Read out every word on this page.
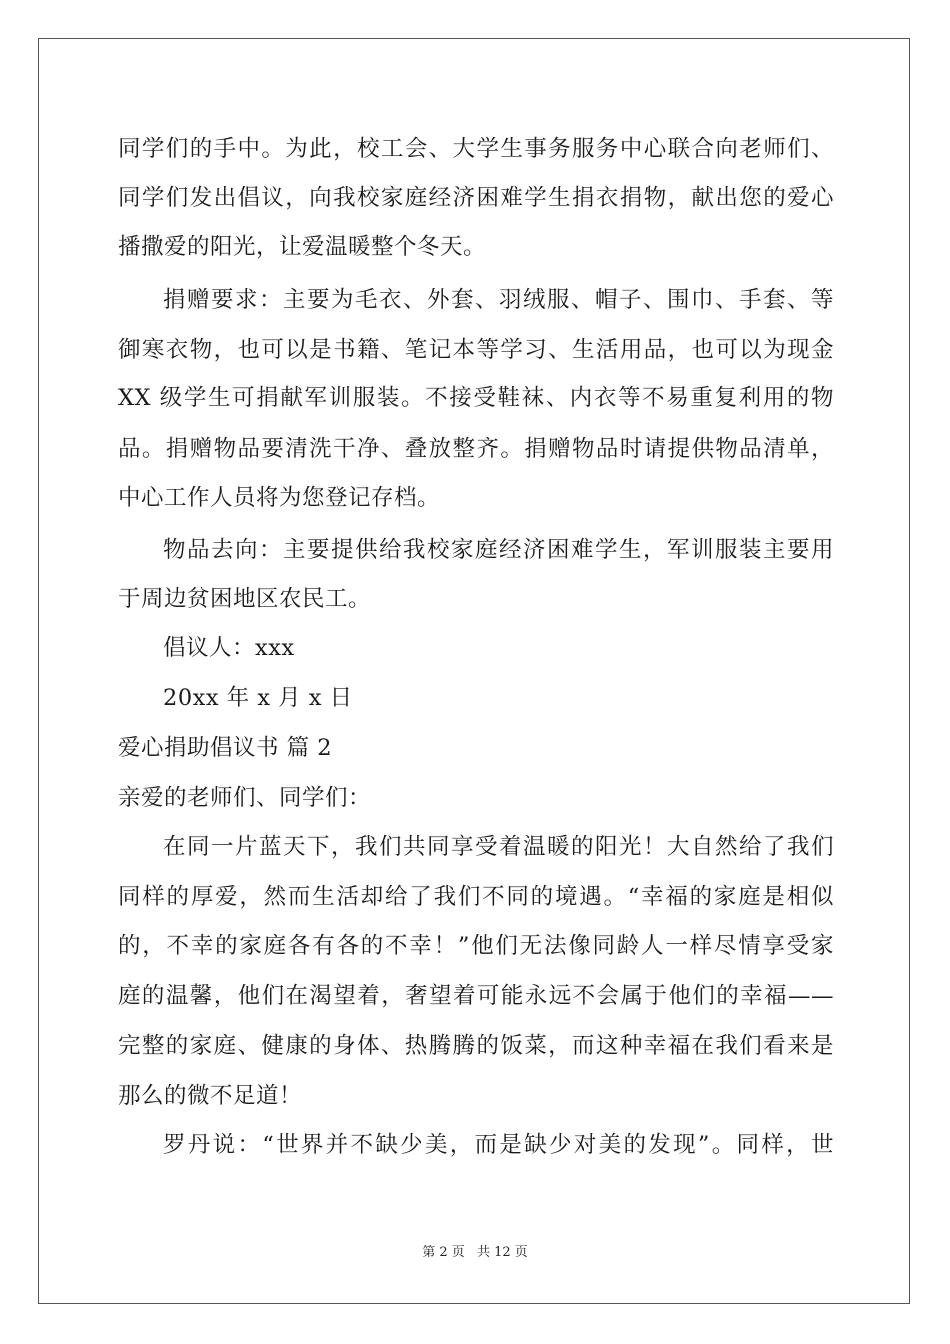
同学们的手中。为此，校工会、大学生事务服务中心联合向老师们、
同学们发出倡议，向我校家庭经济困难学生捐衣捐物，献出您的爱心
播撒爱的阳光，让爱温暖整个冬天。
捐赠要求：主要为毛衣、外套、羽绒服、帽子、围巾、手套、等
御寒衣物，也可以是书籍、笔记本等学习、生活用品，也可以为现金
XX 级学生可捐献军训服装。不接受鞋袜、内衣等不易重复利用的物
品。捐赠物品要清洗干净、叠放整齐。捐赠物品时请提供物品清单，
中心工作人员将为您登记存档。
物品去向：主要提供给我校家庭经济困难学生，军训服装主要用
于周边贫困地区农民工。
倡议人：xxx
20xx 年 x 月 x 日
爱心捐助倡议书 篇 2
亲爱的老师们、同学们：
在同一片蓝天下，我们共同享受着温暖的阳光！大自然给了我们
同样的厚爱，然而生活却给了我们不同的境遇。“幸福的家庭是相似
的，不幸的家庭各有各的不幸！”他们无法像同龄人一样尽情享受家
庭的温馨，他们在渴望着，奢望着可能永远不会属于他们的幸福——
完整的家庭、健康的身体、热腾腾的饭菜，而这种幸福在我们看来是
那么的微不足道！
罗丹说：“世界并不缺少美，而是缺少对美的发现”。同样，世
第 2 页 共 12 页
